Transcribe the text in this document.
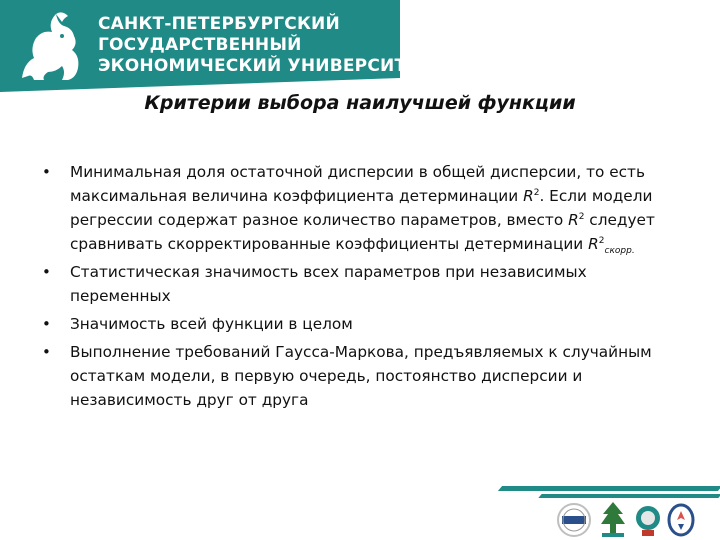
САНКТ-ПЕТЕРБУРГСКИЙ
ГОСУДАРСТВЕННЫЙ
ЭКОНОМИЧЕСКИЙ УНИВЕРСИТЕТ
Критерии выбора наилучшей функции
• Минимальная доля остаточной дисперсии в общей дисперсии, то есть максимальная величина коэффициента детерминации $R^2$. Если модели регрессии содержат разное количество параметров, вместо $R^2$ следует сравнивать скорректированные коэффициенты детерминации $R^2_{скорр.}$
• Статистическая значимость всех параметров при независимых переменных
• Значимость всей функции в целом
• Выполнение требований Гаусса-Маркова, предъявляемых к случайным остаткам модели, в первую очередь, постоянство дисперсии и независимость друг от друга
